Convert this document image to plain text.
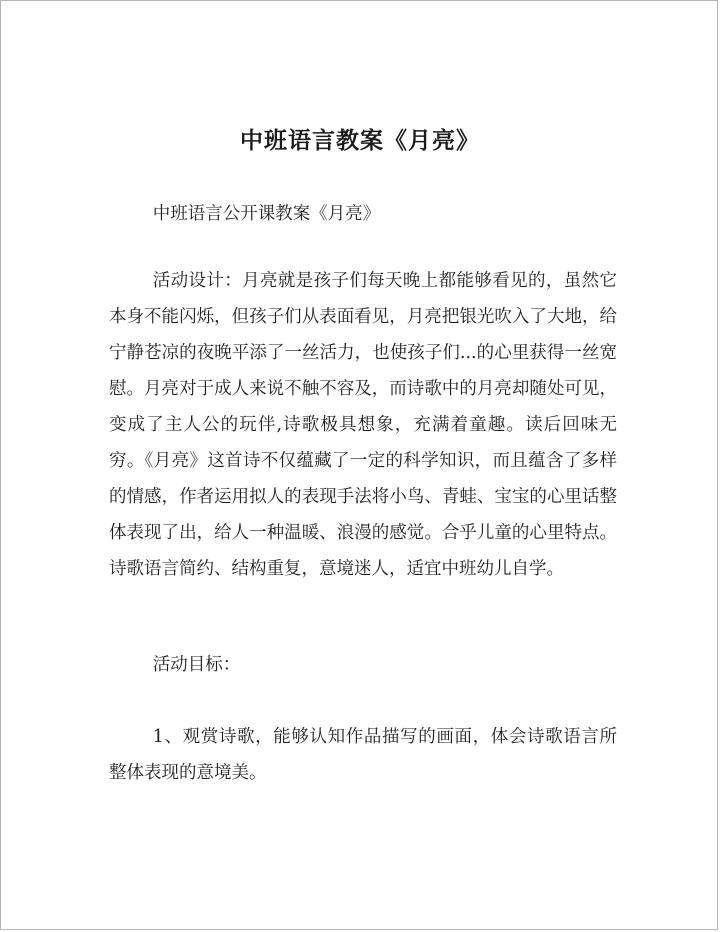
中班语言教案《月亮》

中班语言公开课教案《月亮》

活动设计：月亮就是孩子们每天晚上都能够看见的，虽然它本身不能闪烁，但孩子们从表面看见，月亮把银光吹入了大地，给宁静苍凉的夜晚平添了一丝活力，也使孩子们...的心里获得一丝宽慰。月亮对于成人来说不触不容及，而诗歌中的月亮却随处可见，变成了主人公的玩伴,诗歌极具想象，充满着童趣。读后回味无穷。《月亮》这首诗不仅蕴藏了一定的科学知识，而且蕴含了多样的情感，作者运用拟人的表现手法将小鸟、青蛙、宝宝的心里话整体表现了出，给人一种温暖、浪漫的感觉。合乎儿童的心里特点。诗歌语言简约、结构重复，意境迷人，适宜中班幼儿自学。

活动目标：

1、观赏诗歌，能够认知作品描写的画面，体会诗歌语言所整体表现的意境美。
